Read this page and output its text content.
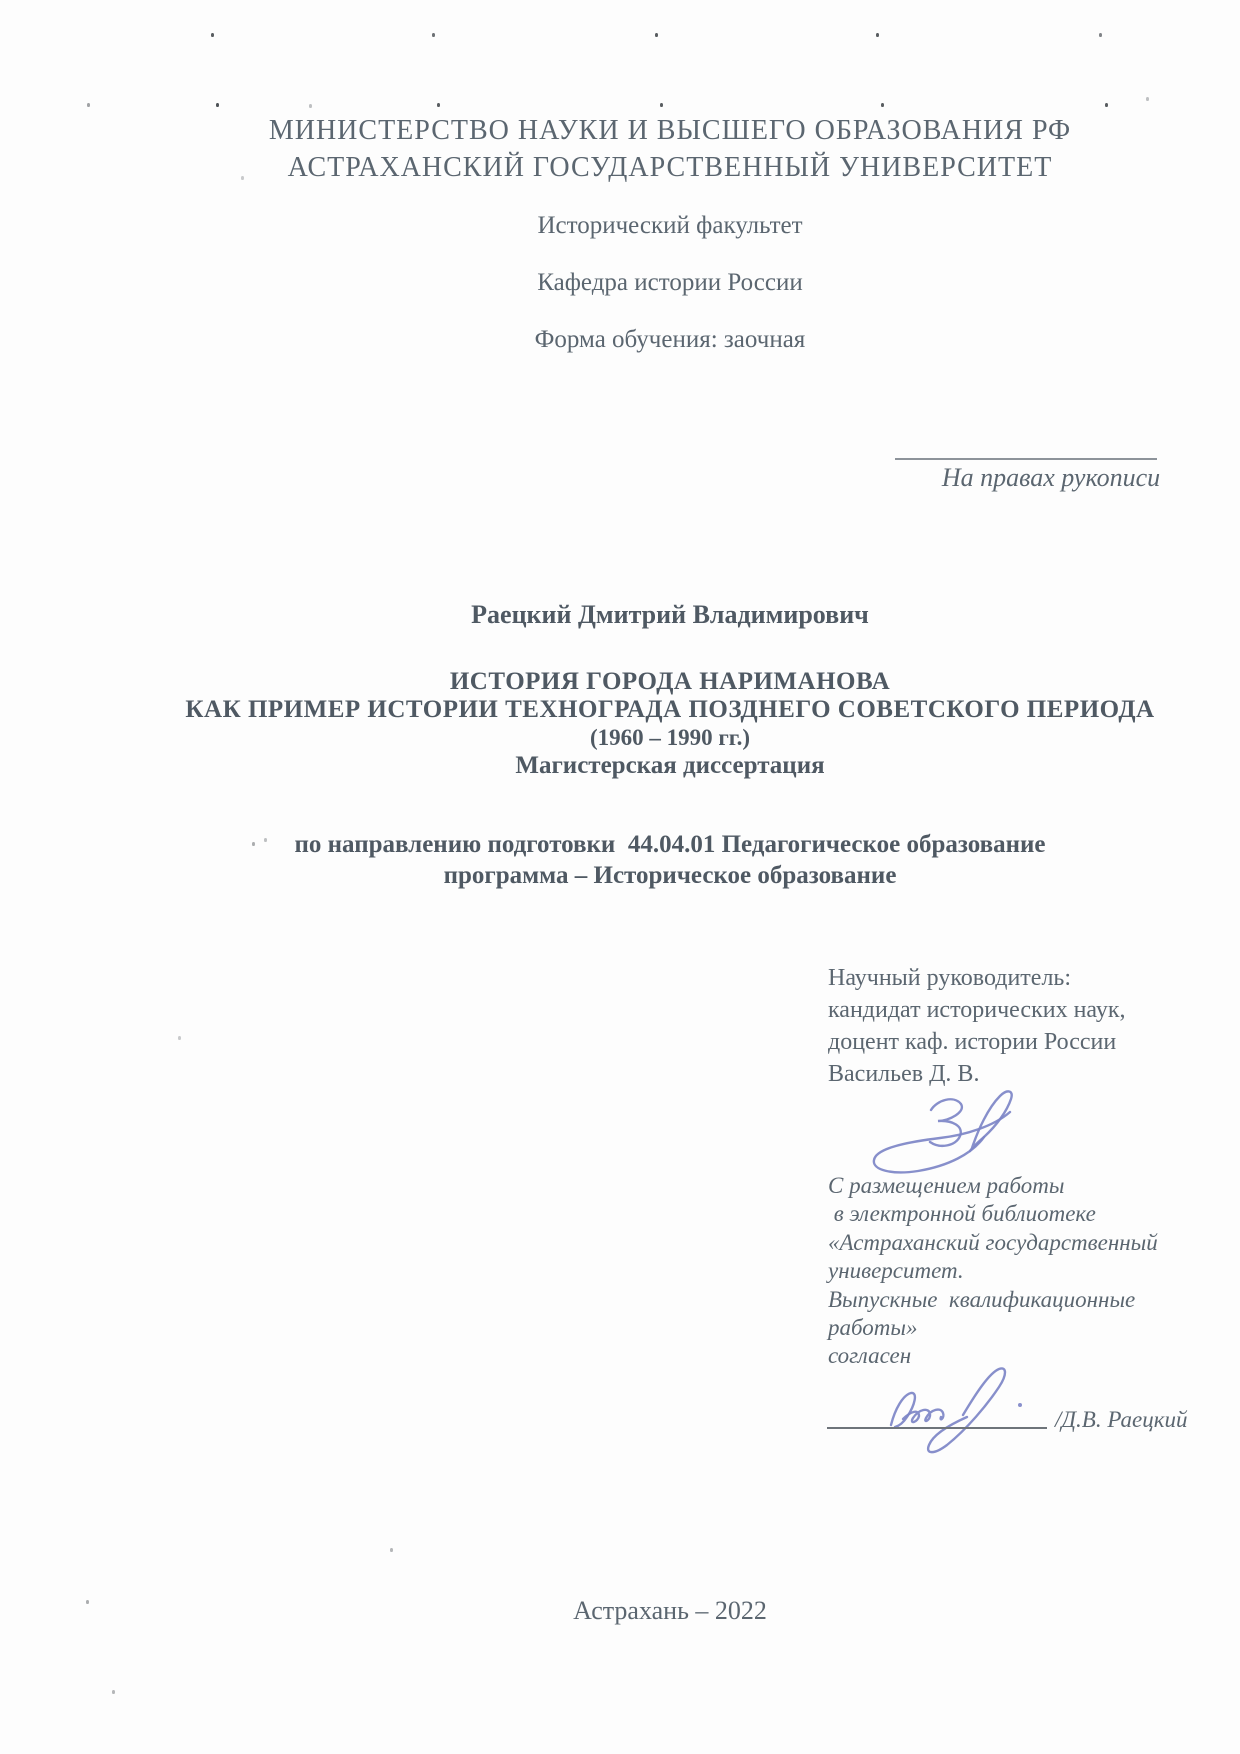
МИНИСТЕРСТВО НАУКИ И ВЫСШЕГО ОБРАЗОВАНИЯ РФ
АСТРАХАНСКИЙ ГОСУДАРСТВЕННЫЙ УНИВЕРСИТЕТ
Исторический факультет
Кафедра истории России
Форма обучения: заочная
На правах рукописи
Раецкий Дмитрий Владимирович
ИСТОРИЯ ГОРОДА НАРИМАНОВА
КАК ПРИМЕР ИСТОРИИ ТЕХНОГРАДА ПОЗДНЕГО СОВЕТСКОГО ПЕРИОДА
(1960 – 1990 гг.)
Магистерская диссертация
по направлению подготовки  44.04.01 Педагогическое образование
программа – Историческое образование
Научный руководитель:
кандидат исторических наук,
доцент каф. истории России
Васильев Д. В.
С размещением работы
в электронной библиотеке
«Астраханский государственный
университет.
Выпускные  квалификационные
работы»
согласен
/Д.В. Раецкий
Астрахань – 2022
